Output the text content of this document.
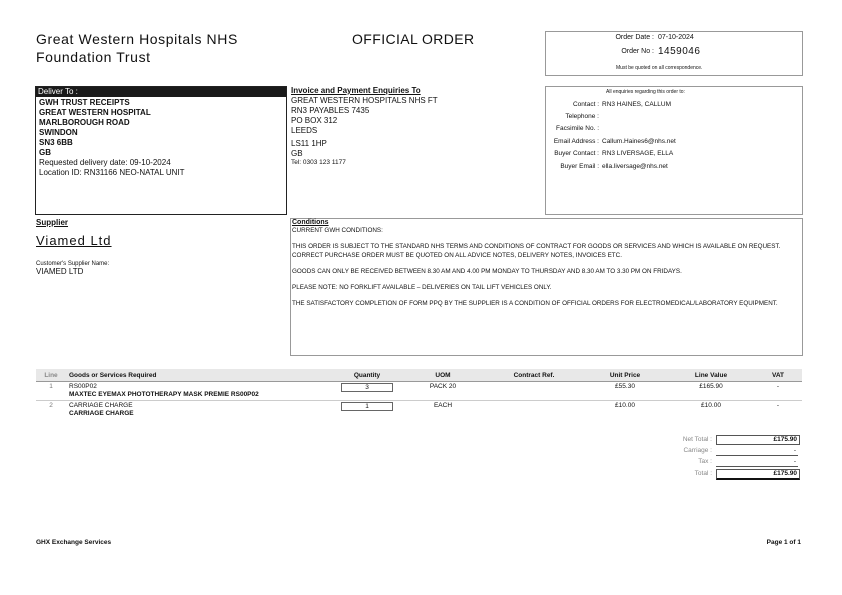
Great Western Hospitals NHS
Foundation Trust
OFFICIAL ORDER	Order Date : 07-10-2024
Order No : 1459046
Must be quoted on all correspondence.
Deliver To :
GWH TRUST RECEIPTS
GREAT WESTERN HOSPITAL
MARLBOROUGH ROAD
SWINDON
SN3 6BB
GB
Requested delivery date: 09-10-2024
Location ID: RN31166 NEO-NATAL UNIT
Invoice and Payment Enquiries To
GREAT WESTERN HOSPITALS NHS FT
RN3 PAYABLES 7435
PO BOX 312
LEEDS
LS11 1HP
GB
Tel: 0303 123 1177
All enquiries regarding this order to:
Contact : RN3 HAINES, CALLUM
Telephone :
Facsimile No. :
Email Address : Callum.Haines6@nhs.net
Buyer Contact : RN3 LIVERSAGE, ELLA
Buyer Email : ella.liversage@nhs.net
Supplier
Viamed Ltd
Customer's Supplier Name:
VIAMED LTD
Conditions
CURRENT GWH CONDITIONS:
THIS ORDER IS SUBJECT TO THE STANDARD NHS TERMS AND CONDITIONS OF CONTRACT FOR GOODS OR SERVICES AND WHICH IS AVAILABLE ON REQUEST.
CORRECT PURCHASE ORDER MUST BE QUOTED ON ALL ADVICE NOTES, DELIVERY NOTES, INVOICES ETC.
GOODS CAN ONLY BE RECEIVED BETWEEN 8.30 AM AND 4.00 PM MONDAY TO THURSDAY AND 8.30 AM TO 3.30 PM ON FRIDAYS.
PLEASE NOTE: NO FORKLIFT AVAILABLE – DELIVERIES ON TAIL LIFT VEHICLES ONLY.
THE SATISFACTORY COMPLETION OF FORM PPQ BY THE SUPPLIER IS A CONDITION OF OFFICIAL ORDERS FOR ELECTROMEDICAL/LABORATORY EQUIPMENT.
Line	Goods or Services Required	Quantity	UOM	Contract Ref.	Unit Price	Line Value	VAT
1	RS00P02
MAXTEC EYEMAX PHOTOTHERAPY MASK PREMIE RS00P02	3	PACK 20		£55.30	£165.90	-
2	CARRIAGE CHARGE
CARRIAGE CHARGE	1	EACH		£10.00	£10.00	-
Net Total :	£175.90
Carriage :	-
Tax :	-
Total :	£175.90
GHX Exchange Services	Page 1 of 1
